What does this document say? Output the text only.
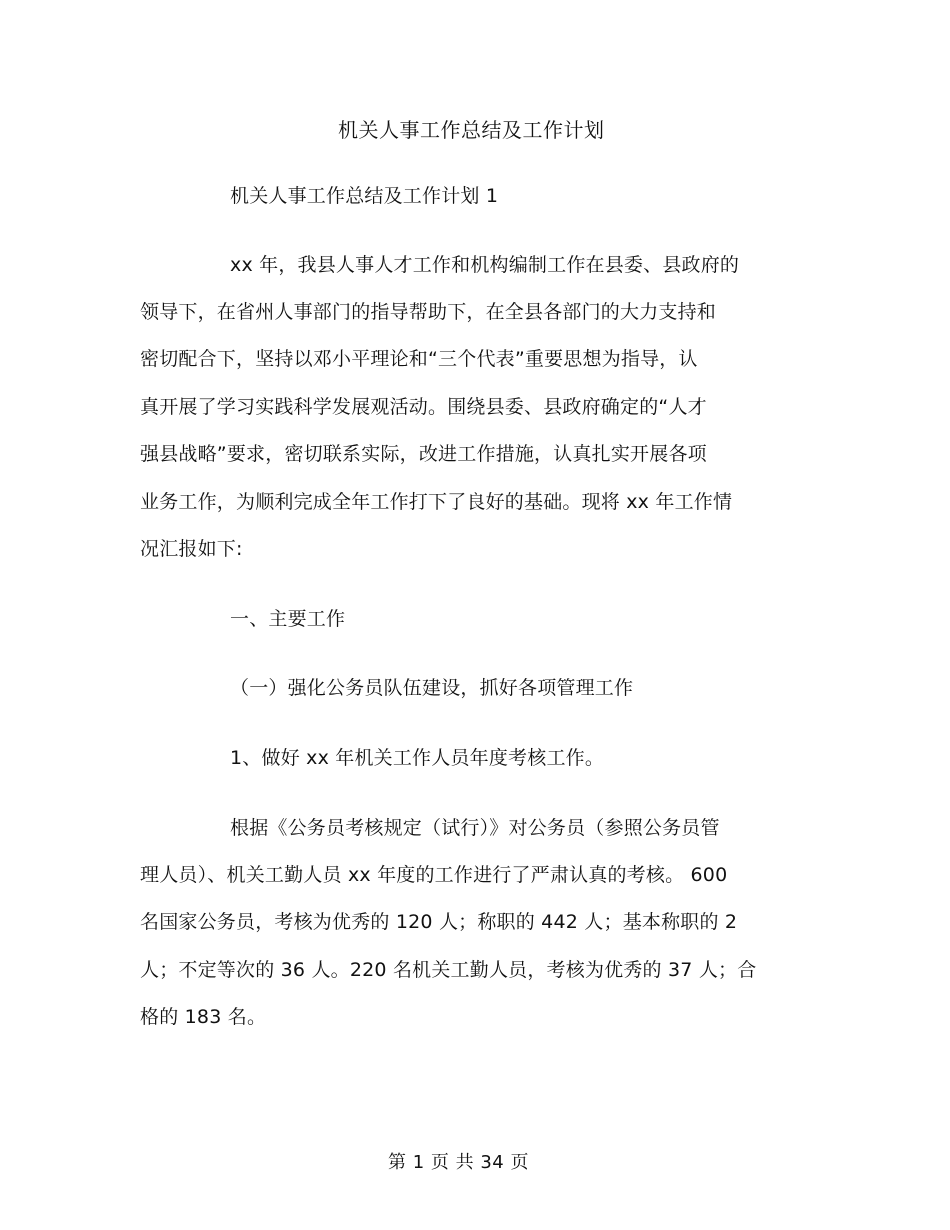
机关人事工作总结及工作计划
机关人事工作总结及工作计划 1
xx 年，我县人事人才工作和机构编制工作在县委、县政府的
领导下，在省州人事部门的指导帮助下，在全县各部门的大力支持和
密切配合下，坚持以邓小平理论和“三个代表”重要思想为指导，认
真开展了学习实践科学发展观活动。围绕县委、县政府确定的“人才
强县战略”要求，密切联系实际，改进工作措施，认真扎实开展各项
业务工作，为顺利完成全年工作打下了良好的基础。现将 xx 年工作情
况汇报如下:
一、主要工作
（一）强化公务员队伍建设，抓好各项管理工作
1、做好 xx 年机关工作人员年度考核工作。
根据《公务员考核规定（试行）》对公务员（参照公务员管
理人员）、机关工勤人员 xx 年度的工作进行了严肃认真的考核。 600
名国家公务员，考核为优秀的 120 人；称职的 442 人；基本称职的 2
人；不定等次的 36 人。220 名机关工勤人员，考核为优秀的 37 人；合
格的 183 名。
第 1 页 共 34 页
